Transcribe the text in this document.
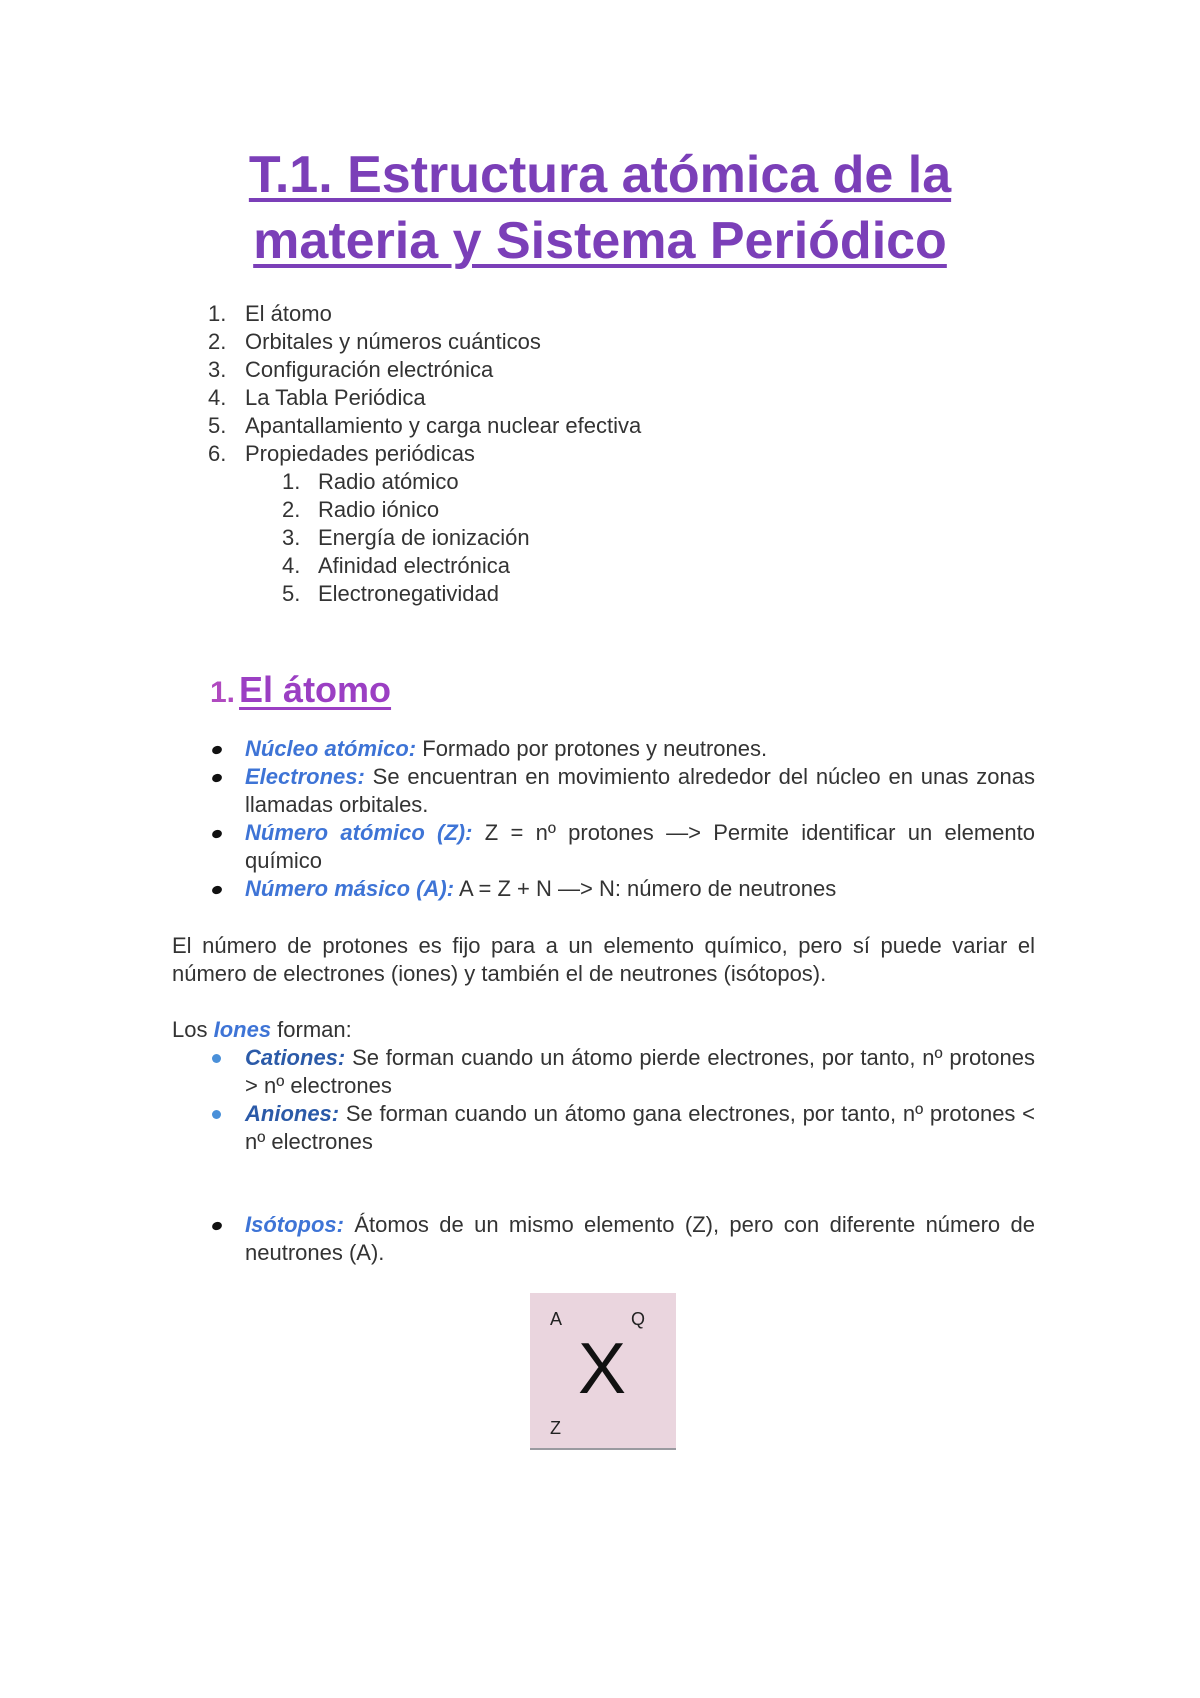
T.1. Estructura atómica de la
materia y Sistema Periódico
1. El átomo
2. Orbitales y números cuánticos
3. Configuración electrónica
4. La Tabla Periódica
5. Apantallamiento y carga nuclear efectiva
6. Propiedades periódicas
1. Radio atómico
2. Radio iónico
3. Energía de ionización
4. Afinidad electrónica
5. Electronegatividad
1. El átomo
Núcleo atómico: Formado por protones y neutrones.
Electrones: Se encuentran en movimiento alrededor del núcleo en unas zonas llamadas orbitales.
Número atómico (Z): Z = nº protones —> Permite identificar un elemento químico
Número másico (A): A = Z + N —> N: número de neutrones
El número de protones es fijo para a un elemento químico, pero sí puede variar el número de electrones (iones) y también el de neutrones (isótopos).
Los Iones forman:
Cationes: Se forman cuando un átomo pierde electrones, por tanto, nº protones > nº electrones
Aniones: Se forman cuando un átomo gana electrones, por tanto, nº protones < nº electrones
Isótopos: Átomos de un mismo elemento (Z), pero con diferente número de neutrones (A).
A	Q
X
Z
